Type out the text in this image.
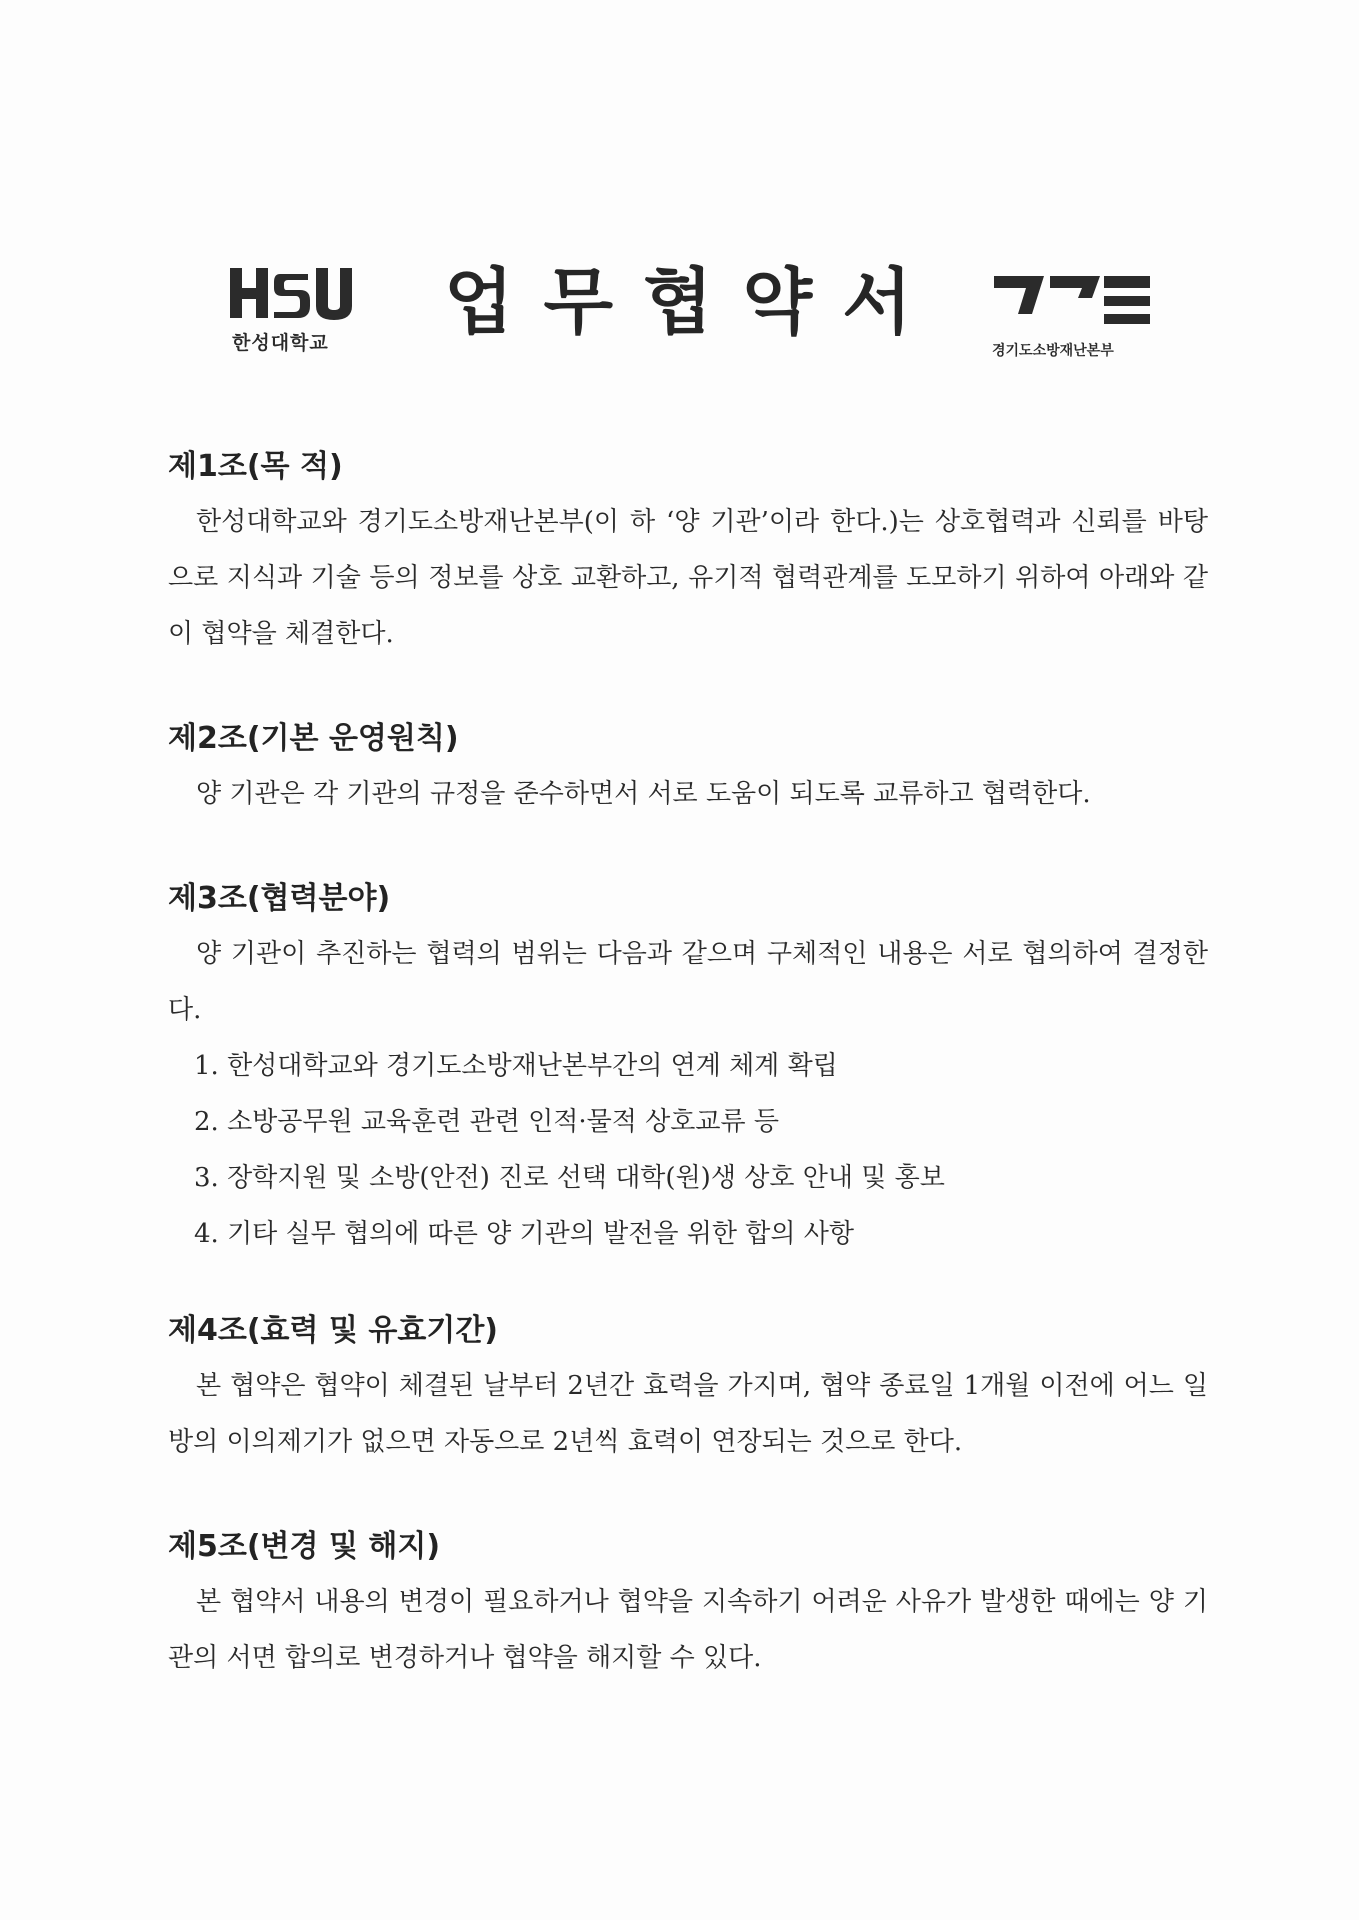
한성대학교	업무협약서
경기도소방재난본부
제1조(목 적)

한성대학교와 경기도소방재난본부(이 하 ‘양 기관’이라 한다.)는 상호협력과 신뢰를 바탕으로 지식과 기술 등의 정보를 상호 교환하고, 유기적 협력관계를 도모하기 위하여 아래와 같이 협약을 체결한다.

제2조(기본 운영원칙)

양 기관은 각 기관의 규정을 준수하면서 서로 도움이 되도록 교류하고 협력한다.

제3조(협력분야)

양 기관이 추진하는 협력의 범위는 다음과 같으며 구체적인 내용은 서로 협의하여 결정한다.

1. 한성대학교와 경기도소방재난본부간의 연계 체계 확립
2. 소방공무원 교육훈련 관련 인적·물적 상호교류 등
3. 장학지원 및 소방(안전) 진로 선택 대학(원)생 상호 안내 및 홍보
4. 기타 실무 협의에 따른 양 기관의 발전을 위한 합의 사항
제4조(효력 및 유효기간)

본 협약은 협약이 체결된 날부터 2년간 효력을 가지며, 협약 종료일 1개월 이전에 어느 일방의 이의제기가 없으면 자동으로 2년씩 효력이 연장되는 것으로 한다.

제5조(변경 및 해지)

본 협약서 내용의 변경이 필요하거나 협약을 지속하기 어려운 사유가 발생한 때에는 양 기관의 서면 합의로 변경하거나 협약을 해지할 수 있다.
